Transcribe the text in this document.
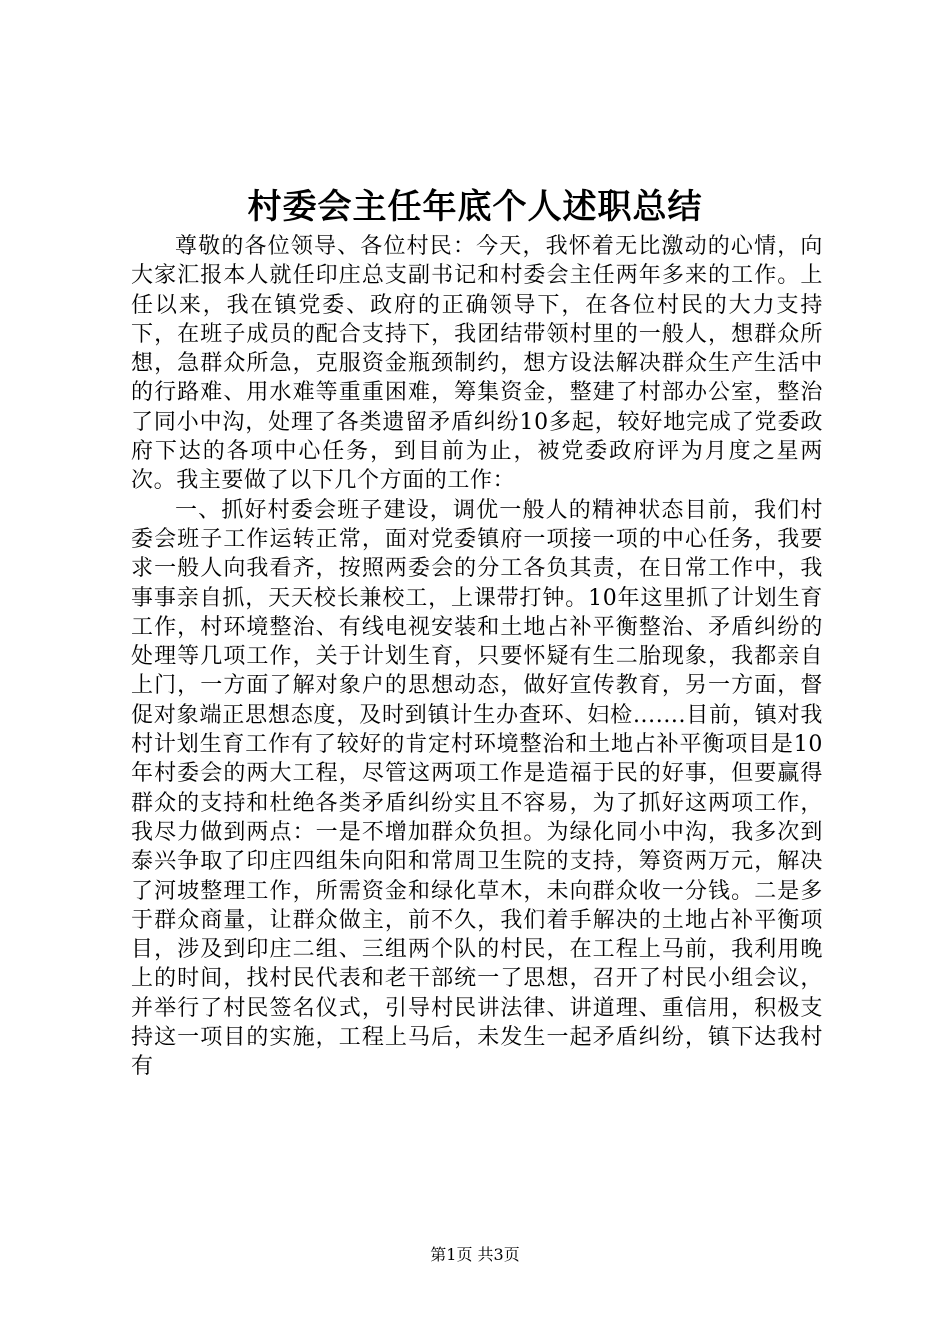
村委会主任年底个人述职总结

尊敬的各位领导、各位村民：今天，我怀着无比激动的心情，向大家汇报本人就任印庄总支副书记和村委会主任两年多来的工作。上任以来，我在镇党委、政府的正确领导下，在各位村民的大力支持下，在班子成员的配合支持下，我团结带领村里的一般人，想群众所想，急群众所急，克服资金瓶颈制约，想方设法解决群众生产生活中的行路难、用水难等重重困难，筹集资金，整建了村部办公室，整治了同小中沟，处理了各类遗留矛盾纠纷10多起，较好地完成了党委政府下达的各项中心任务，到目前为止，被党委政府评为月度之星两次。我主要做了以下几个方面的工作：

一、抓好村委会班子建设，调优一般人的精神状态目前，我们村委会班子工作运转正常，面对党委镇府一项接一项的中心任务，我要求一般人向我看齐，按照两委会的分工各负其责，在日常工作中，我事事亲自抓，天天校长兼校工，上课带打钟。10年这里抓了计划生育工作，村环境整治、有线电视安装和土地占补平衡整治、矛盾纠纷的处理等几项工作，关于计划生育，只要怀疑有生二胎现象，我都亲自上门，一方面了解对象户的思想动态，做好宣传教育，另一方面，督促对象端正思想态度，及时到镇计生办查环、妇检.......目前，镇对我村计划生育工作有了较好的肯定村环境整治和土地占补平衡项目是10年村委会的两大工程，尽管这两项工作是造福于民的好事，但要赢得群众的支持和杜绝各类矛盾纠纷实且不容易，为了抓好这两项工作，我尽力做到两点：一是不增加群众负担。为绿化同小中沟，我多次到泰兴争取了印庄四组朱向阳和常周卫生院的支持，筹资两万元，解决了河坡整理工作，所需资金和绿化草木，未向群众收一分钱。二是多于群众商量，让群众做主，前不久，我们着手解决的土地占补平衡项目，涉及到印庄二组、三组两个队的村民，在工程上马前，我利用晚上的时间，找村民代表和老干部统一了思想，召开了村民小组会议，并举行了村民签名仪式，引导村民讲法律、讲道理、重信用，积极支持这一项目的实施，工程上马后，未发生一起矛盾纠纷，镇下达我村有

第1页 共3页
